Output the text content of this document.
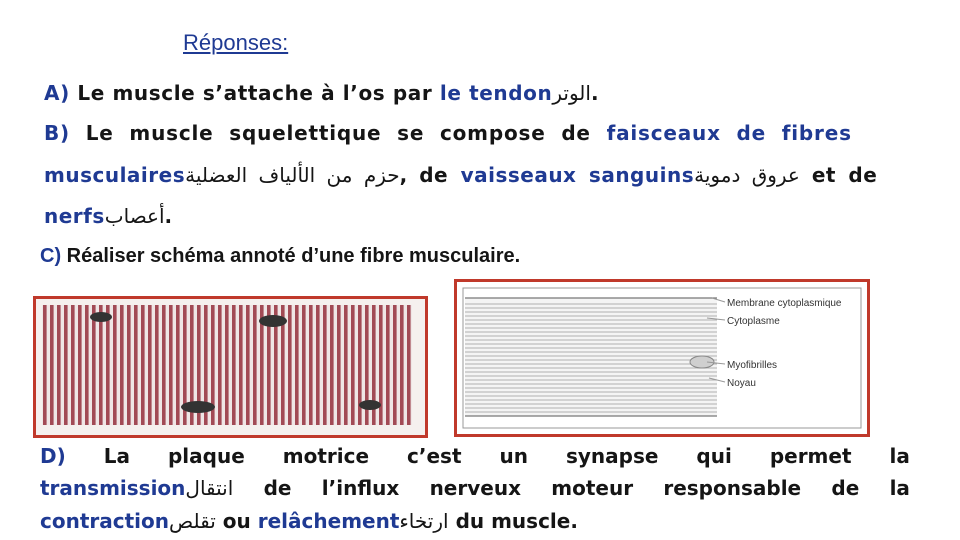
Réponses:
A) Le muscle s’attache à l’os par le tendonالوتر.
B) Le muscle squelettique se compose de faisceaux de fibres
musculairesحزم من الألياف العضلية, de vaisseaux sanguinsعروق دموية et de
nerfsأعصاب.
C) Réaliser schéma annoté d’une fibre musculaire.
Membrane cytoplasmique
Cytoplasme
Myofibrilles
Noyau
D) La plaque motrice c’est un synapse qui permet la
transmissionانتقال de l’influx nerveux moteur responsable de la
contractionتقلص ou relâchementارتخاء du muscle.
